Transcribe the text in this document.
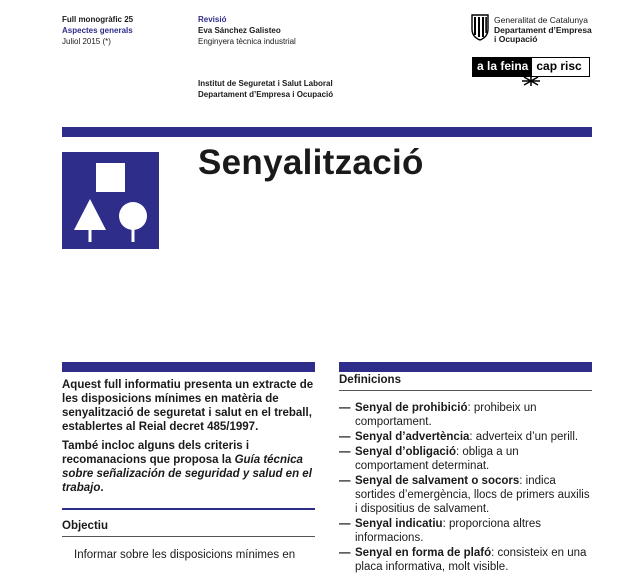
Full monogràfic 25
Aspectes generals
Juliol 2015 (*)
Revisió
Eva Sánchez Galisteo
Enginyera tècnica industrial
Institut de Seguretat i Salut Laboral
Departament d’Empresa i Ocupació
Generalitat de Catalunya
Departament d’Empresa
i Ocupació
a la feina cap risc
Senyalització
Aquest full informatiu presenta un extracte de les disposicions mínimes en matèria de senyalització de seguretat i salut en el treball, establertes al Reial decret 485/1997.
També incloc alguns dels criteris i recomanacions que proposa la Guía técnica sobre señalización de seguridad y salud en el trabajo.
Objectiu
Informar sobre les disposicions mínimes en
Definicions
— Senyal de prohibició: prohibeix un comportament.
— Senyal d’advertència: adverteix d’un perill.
— Senyal d’obligació: obliga a un comportament determinat.
— Senyal de salvament o socors: indica sortides d’emergència, llocs de primers auxilis i dispositius de salvament.
— Senyal indicatiu: proporciona altres informacions.
— Senyal en forma de plafó: consisteix en una placa informativa, molt visible.
